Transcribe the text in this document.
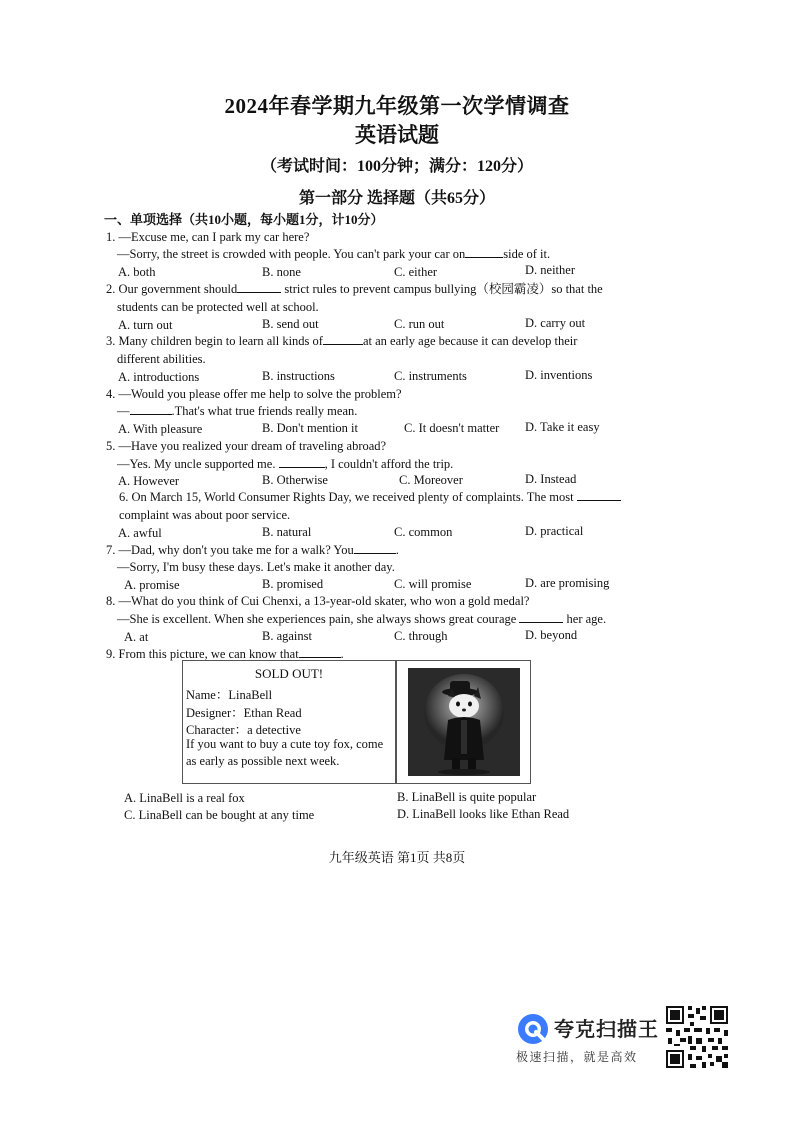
2024年春学期九年级第一次学情调查
英语试题
（考试时间：100分钟；满分：120分）
第一部分 选择题（共65分）
一、单项选择（共10小题，每小题1分，计10分）
1. —Excuse me, can I park my car here?
—Sorry, the street is crowded with people. You can't park your car on	side of it.
A. both	B. none	C. either	D. neither
2. Our government should	strict rules to prevent campus bullying（校园霸凌）so that the
students can be protected well at school.
A. turn out	B. send out	C. run out	D. carry out
3. Many children begin to learn all kinds of	at an early age because it can develop their
different abilities.
A. introductions	B. instructions	C. instruments	D. inventions
4. —Would you please offer me help to solve the problem?
—	.That's what true friends really mean.
A. With pleasure	B. Don't mention it	C. It doesn't matter D. Take it easy
5. —Have you realized your dream of traveling abroad?
—Yes. My uncle supported me.	, I couldn't afford the trip.
A. However	B. Otherwise	C. Moreover	D. Instead
6. On March 15, World Consumer Rights Day, we received plenty of complaints. The most
complaint was about poor service.
A. awful	B. natural	C. common	D. practical
7. —Dad, why don't you take me for a walk? You	.
—Sorry, I'm busy these days. Let's make it another day.
A. promise	B. promised	C. will promise	D. are promising
8. —What do you think of Cui Chenxi, a 13-year-old skater, who won a gold medal?
—She is excellent. When she experiences pain, she always shows great courage	her age.
A. at	B. against	C. through	D. beyond
9. From this picture, we can know that	.
SOLD OUT!
Name：LinaBell
Designer：Ethan Read
Character：a detective
If you want to buy a cute toy fox, come
as early as possible next week.
A. LinaBell is a real fox	B. LinaBell is quite popular
C. LinaBell can be bought at any time	D. LinaBell looks like Ethan Read
九年级英语 第1页 共8页
夸克扫描王
极速扫描，就是高效
